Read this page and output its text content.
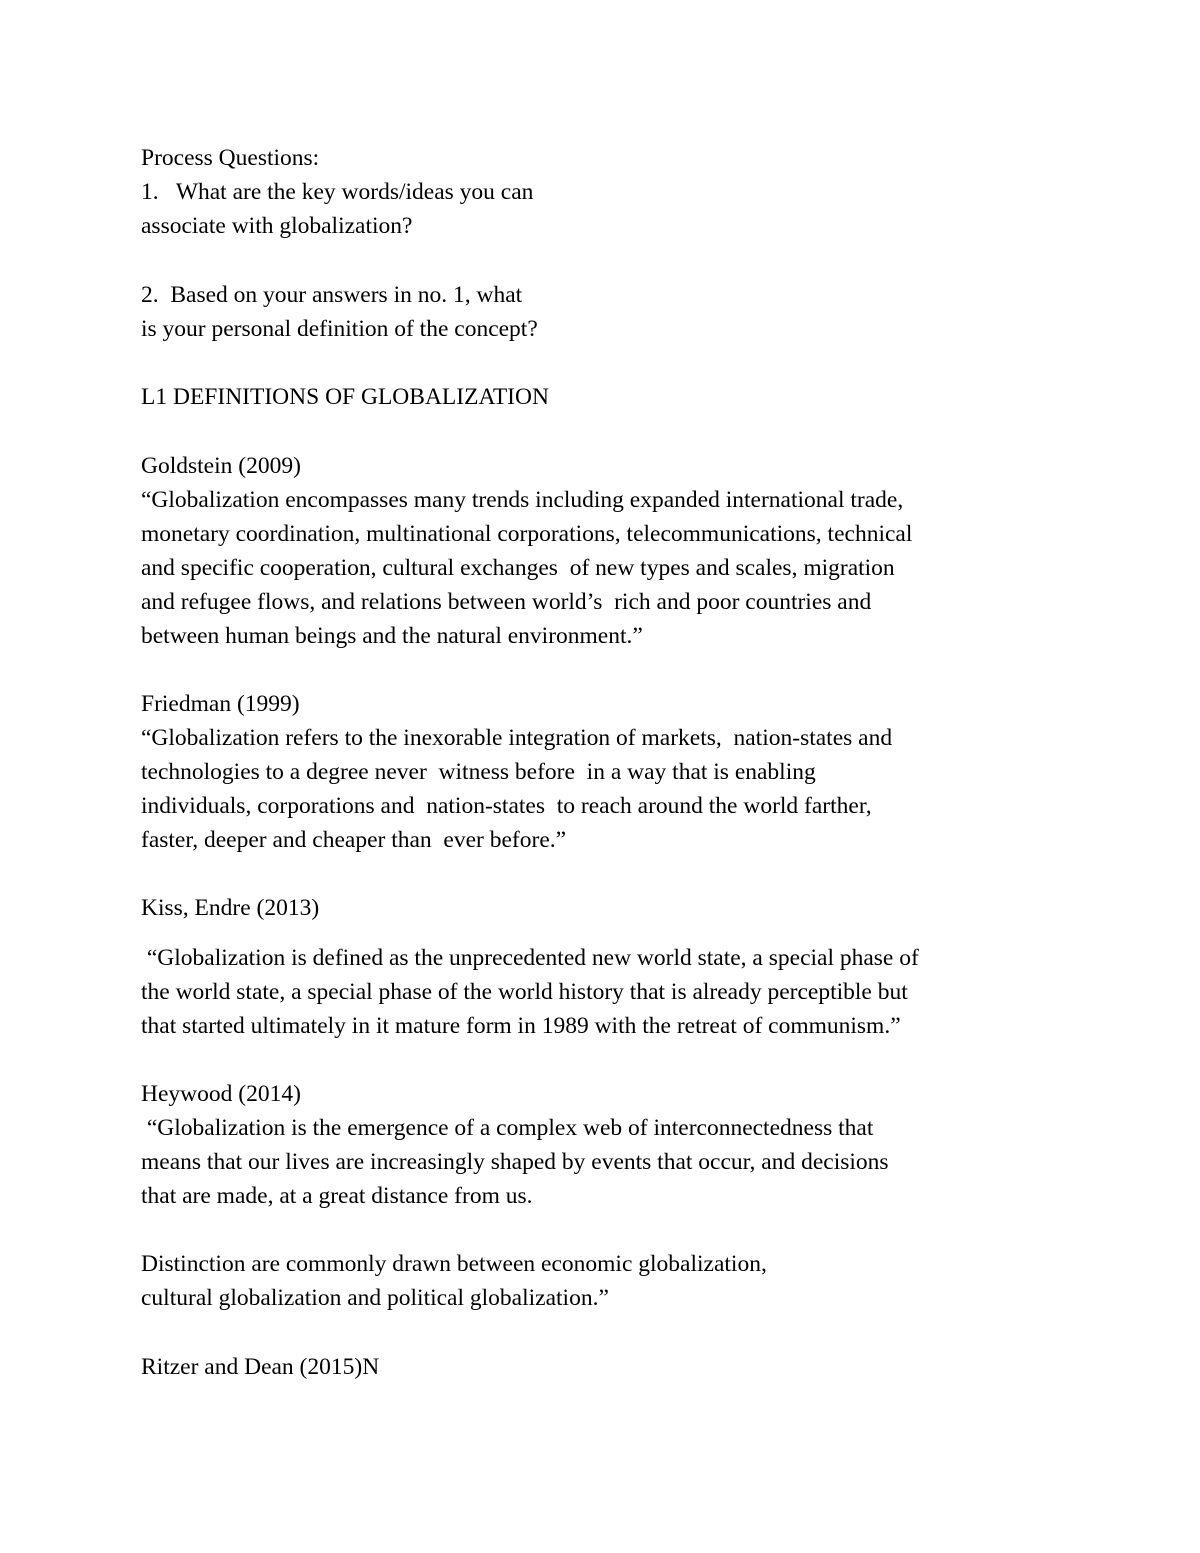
Process Questions:

1.   What are the key words/ideas you can

associate with globalization?

2.  Based on your answers in no. 1, what

is your personal definition of the concept?

L1 DEFINITIONS OF GLOBALIZATION

Goldstein (2009)

“Globalization encompasses many trends including expanded international trade,

monetary coordination, multinational corporations, telecommunications, technical

and specific cooperation, cultural exchanges  of new types and scales, migration

and refugee flows, and relations between world’s  rich and poor countries and

between human beings and the natural environment.”

Friedman (1999)

“Globalization refers to the inexorable integration of markets,  nation-states and

technologies to a degree never  witness before  in a way that is enabling

individuals, corporations and  nation-states  to reach around the world farther,

faster, deeper and cheaper than  ever before.”

Kiss, Endre (2013)

“Globalization is defined as the unprecedented new world state, a special phase of

the world state, a special phase of the world history that is already perceptible but

that started ultimately in it mature form in 1989 with the retreat of communism.”

Heywood (2014)

“Globalization is the emergence of a complex web of interconnectedness that

means that our lives are increasingly shaped by events that occur, and decisions

that are made, at a great distance from us.

Distinction are commonly drawn between economic globalization,

cultural globalization and political globalization.”

Ritzer and Dean (2015)N
